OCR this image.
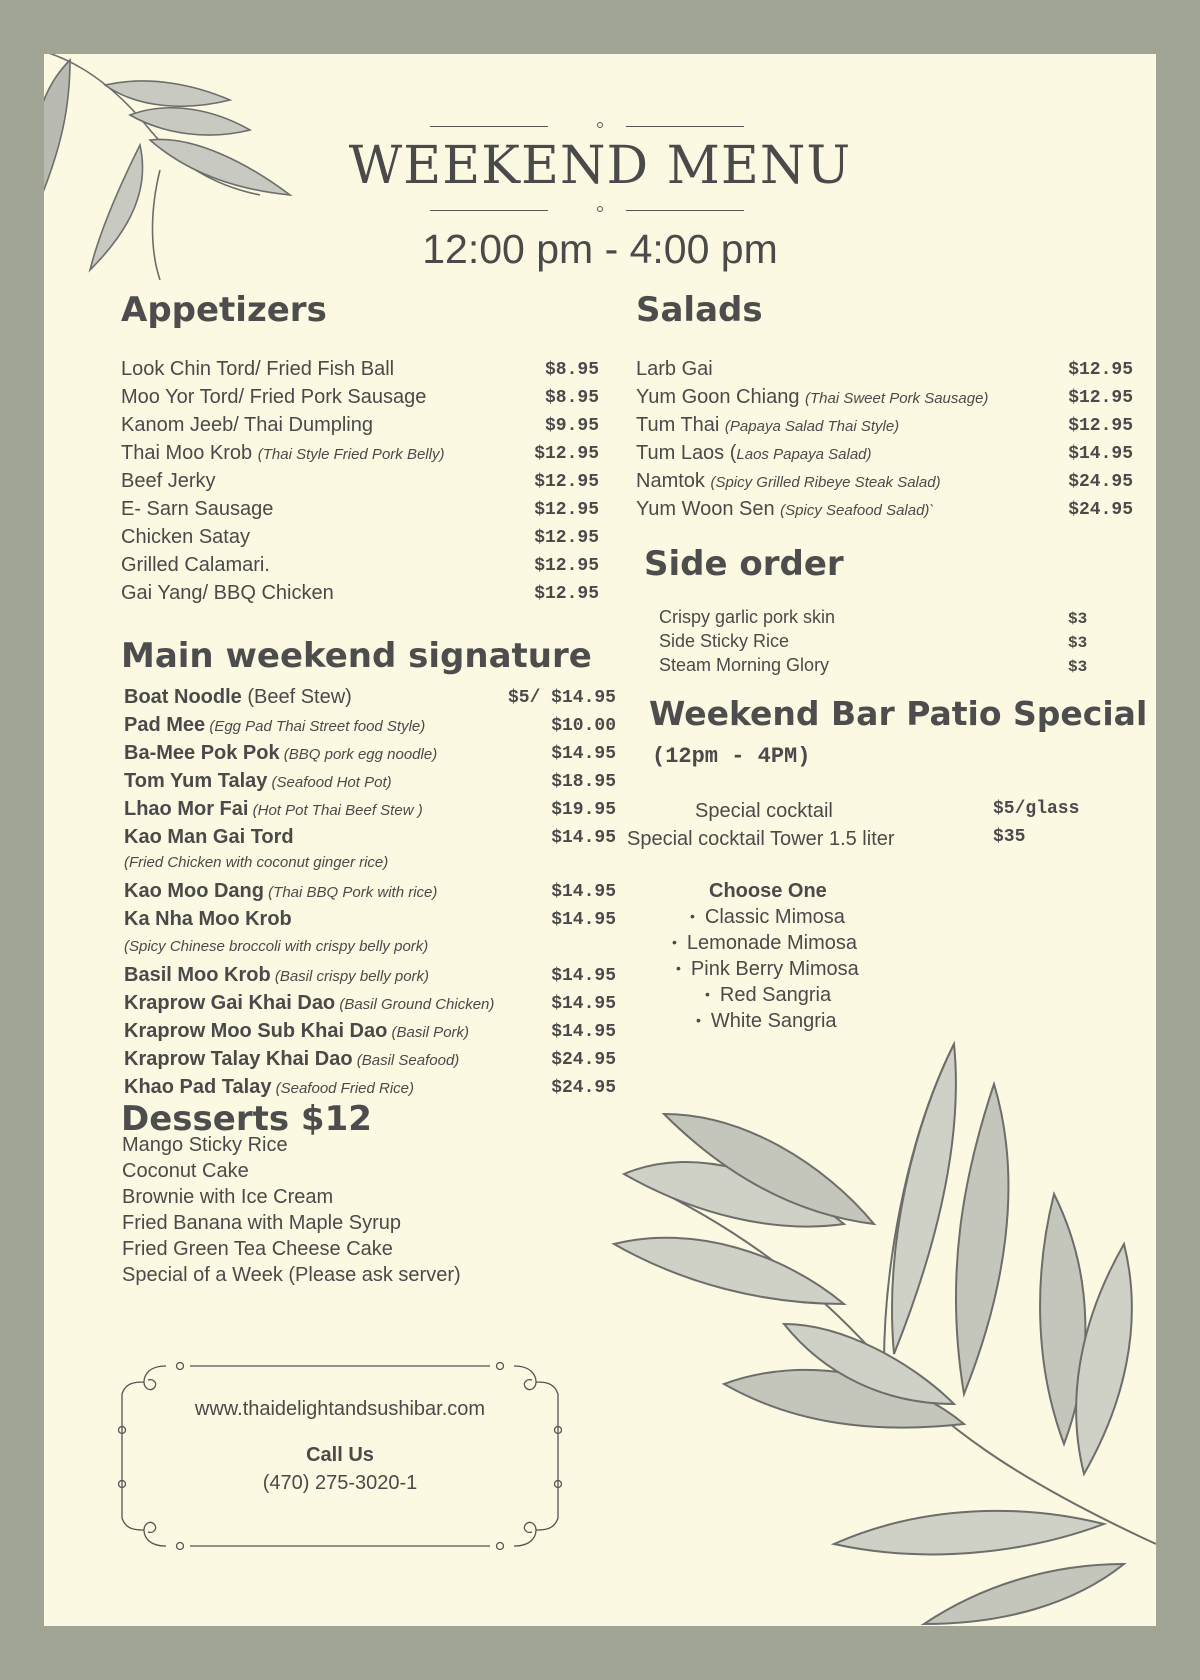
WEEKEND MENU
12:00 pm - 4:00 pm
Appetizers
Look Chin Tord/ Fried Fish Ball	$8.95
Moo Yor Tord/ Fried Pork Sausage	$8.95
Kanom Jeeb/ Thai Dumpling	$9.95
Thai Moo Krob (Thai Style Fried Pork Belly)	$12.95
Beef Jerky	$12.95
E- Sarn Sausage	$12.95
Chicken Satay	$12.95
Grilled Calamari.	$12.95
Gai Yang/ BBQ Chicken	$12.95
Salads
Larb Gai	$12.95
Yum Goon Chiang (Thai Sweet Pork Sausage)	$12.95
Tum Thai (Papaya Salad Thai Style)	$12.95
Tum Laos (Laos Papaya Salad)	$14.95
Namtok (Spicy Grilled Ribeye Steak Salad)	$24.95
Yum Woon Sen (Spicy Seafood Salad)`	$24.95
Side order
Crispy garlic pork skin	$3
Side Sticky Rice	$3
Steam Morning Glory	$3
Main weekend signature
Boat Noodle (Beef Stew)	$5/ $14.95
Pad Mee (Egg Pad Thai Street food Style)	$10.00
Ba-Mee Pok Pok (BBQ pork egg noodle)	$14.95
Tom Yum Talay (Seafood Hot Pot)	$18.95
Lhao Mor Fai (Hot Pot Thai Beef Stew )	$19.95
Kao Man Gai Tord	$14.95
(Fried Chicken with coconut ginger rice)
Kao Moo Dang (Thai BBQ Pork with rice)	$14.95
Ka Nha Moo Krob	$14.95
(Spicy Chinese broccoli with crispy belly pork)
Basil Moo Krob (Basil crispy belly pork)	$14.95
Kraprow Gai Khai Dao (Basil Ground Chicken)	$14.95
Kraprow Moo Sub Khai Dao (Basil Pork)	$14.95
Kraprow Talay Khai Dao (Basil Seafood)	$24.95
Khao Pad Talay (Seafood Fried Rice)	$24.95
Weekend Bar Patio Special
(12pm - 4PM)
Special cocktail	$5/glass
Special cocktail Tower 1.5 liter	$35
Choose One
• Classic Mimosa
• Lemonade Mimosa
• Pink Berry Mimosa
• Red Sangria
• White Sangria
Desserts $12
Mango Sticky Rice
Coconut Cake
Brownie with Ice Cream
Fried Banana with Maple Syrup
Fried Green Tea Cheese Cake
Special of a Week (Please ask server)
www.thaidelightandsushibar.com
Call Us
(470) 275-3020-1
